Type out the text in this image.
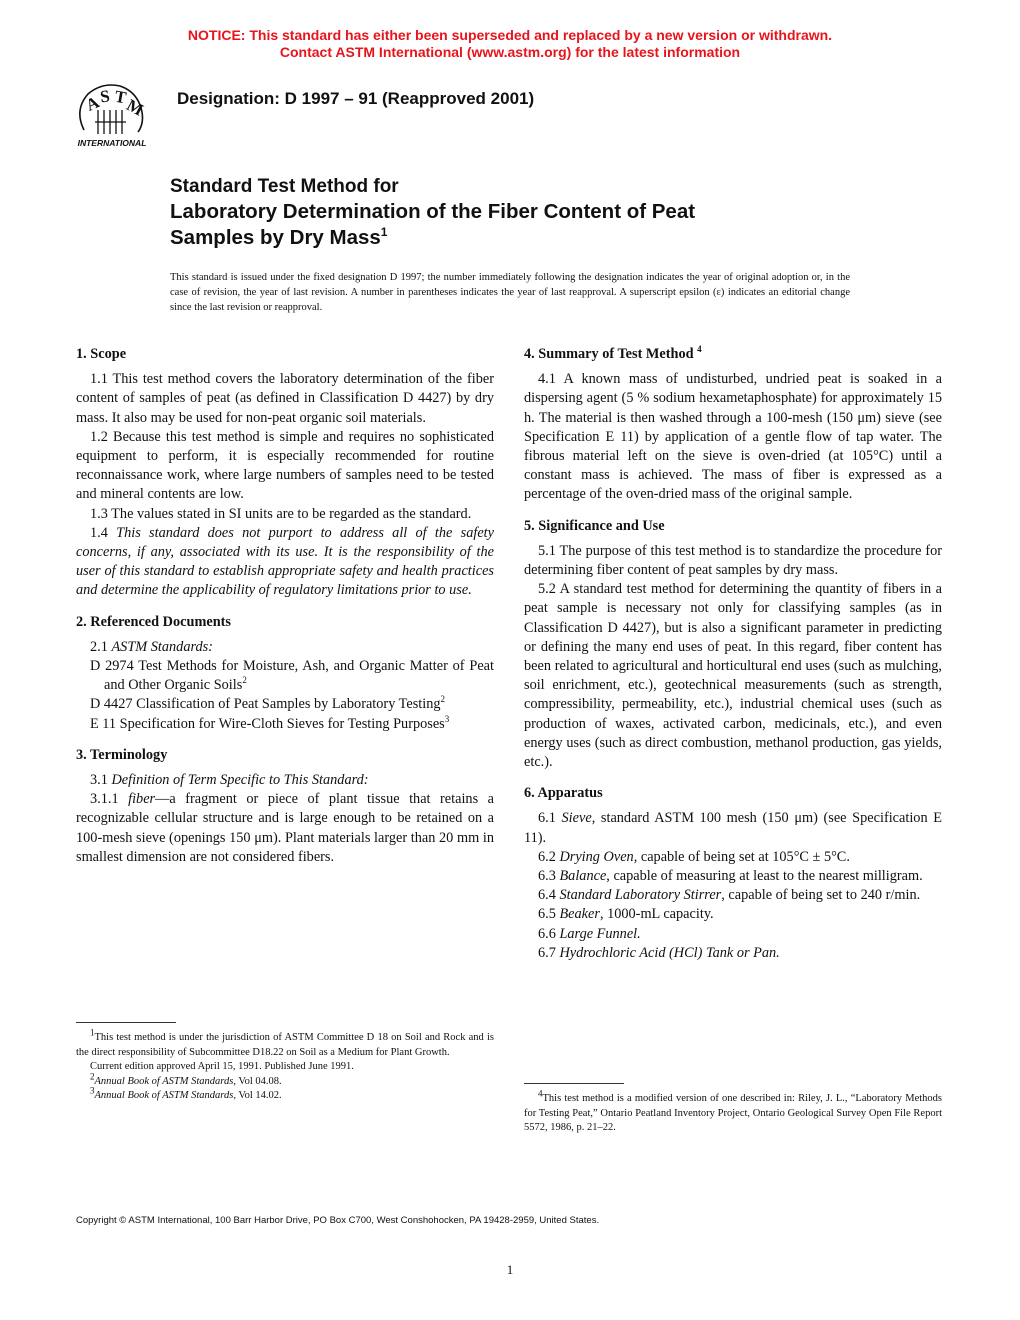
NOTICE: This standard has either been superseded and replaced by a new version or withdrawn.
Contact ASTM International (www.astm.org) for the latest information
A
S T
M
INTERNATIONAL
Designation: D 1997 – 91 (Reapproved 2001)
Standard Test Method for
Laboratory Determination of the Fiber Content of Peat
Samples by Dry Mass$^1$
This standard is issued under the fixed designation D 1997; the number immediately following the designation indicates the year of original adoption or, in the case of revision, the year of last revision. A number in parentheses indicates the year of last reapproval. A superscript epsilon (ε) indicates an editorial change since the last revision or reapproval.
1. Scope

1.1 This test method covers the laboratory determination of the fiber content of samples of peat (as defined in Classification D 4427) by dry mass. It also may be used for non-peat organic soil materials.

1.2 Because this test method is simple and requires no sophisticated equipment to perform, it is especially recommended for routine reconnaissance work, where large numbers of samples need to be tested and mineral contents are low.

1.3 The values stated in SI units are to be regarded as the standard.

1.4 This standard does not purport to address all of the safety concerns, if any, associated with its use. It is the responsibility of the user of this standard to establish appropriate safety and health practices and determine the applicability of regulatory limitations prior to use.

2. Referenced Documents

2.1 ASTM Standards:

D 2974 Test Methods for Moisture, Ash, and Organic Matter of Peat and Other Organic Soils$^2$

D 4427 Classification of Peat Samples by Laboratory Testing$^2$

E 11 Specification for Wire-Cloth Sieves for Testing Purposes$^3$

3. Terminology

3.1 Definition of Term Specific to This Standard:

3.1.1 fiber—a fragment or piece of plant tissue that retains a recognizable cellular structure and is large enough to be retained on a 100-mesh sieve (openings 150 μm). Plant materials larger than 20 mm in smallest dimension are not considered fibers.

4. Summary of Test Method $^4$

4.1 A known mass of undisturbed, undried peat is soaked in a dispersing agent (5 % sodium hexametaphosphate) for approximately 15 h. The material is then washed through a 100-mesh (150 μm) sieve (see Specification E 11) by application of a gentle flow of tap water. The fibrous material left on the sieve is oven-dried (at 105°C) until a constant mass is achieved. The mass of fiber is expressed as a percentage of the oven-dried mass of the original sample.

5. Significance and Use

5.1 The purpose of this test method is to standardize the procedure for determining fiber content of peat samples by dry mass.

5.2 A standard test method for determining the quantity of fibers in a peat sample is necessary not only for classifying samples (as in Classification D 4427), but is also a significant parameter in predicting or defining the many end uses of peat. In this regard, fiber content has been related to agricultural and horticultural end uses (such as mulching, soil enrichment, etc.), geotechnical measurements (such as strength, compressibility, permeability, etc.), industrial chemical uses (such as production of waxes, activated carbon, medicinals, etc.), and even energy uses (such as direct combustion, methanol production, gas yields, etc.).

6. Apparatus

6.1 Sieve, standard ASTM 100 mesh (150 μm) (see Specification E 11).

6.2 Drying Oven, capable of being set at 105°C ± 5°C.

6.3 Balance, capable of measuring at least to the nearest milligram.

6.4 Standard Laboratory Stirrer, capable of being set to 240 r/min.

6.5 Beaker, 1000-mL capacity.

6.6 Large Funnel.

6.7 Hydrochloric Acid (HCl) Tank or Pan.

$^1$This test method is under the jurisdiction of ASTM Committee D 18 on Soil and Rock and is the direct responsibility of Subcommittee D18.22 on Soil as a Medium for Plant Growth.

Current edition approved April 15, 1991. Published June 1991.

$^2$Annual Book of ASTM Standards, Vol 04.08.

$^3$Annual Book of ASTM Standards, Vol 14.02.	$^4$This test method is a modified version of one described in: Riley, J. L., “Laboratory Methods for Testing Peat,” Ontario Peatland Inventory Project, Ontario Geological Survey Open File Report 5572, 1986, p. 21–22.

Copyright © ASTM International, 100 Barr Harbor Drive, PO Box C700, West Conshohocken, PA 19428-2959, United States.
1
